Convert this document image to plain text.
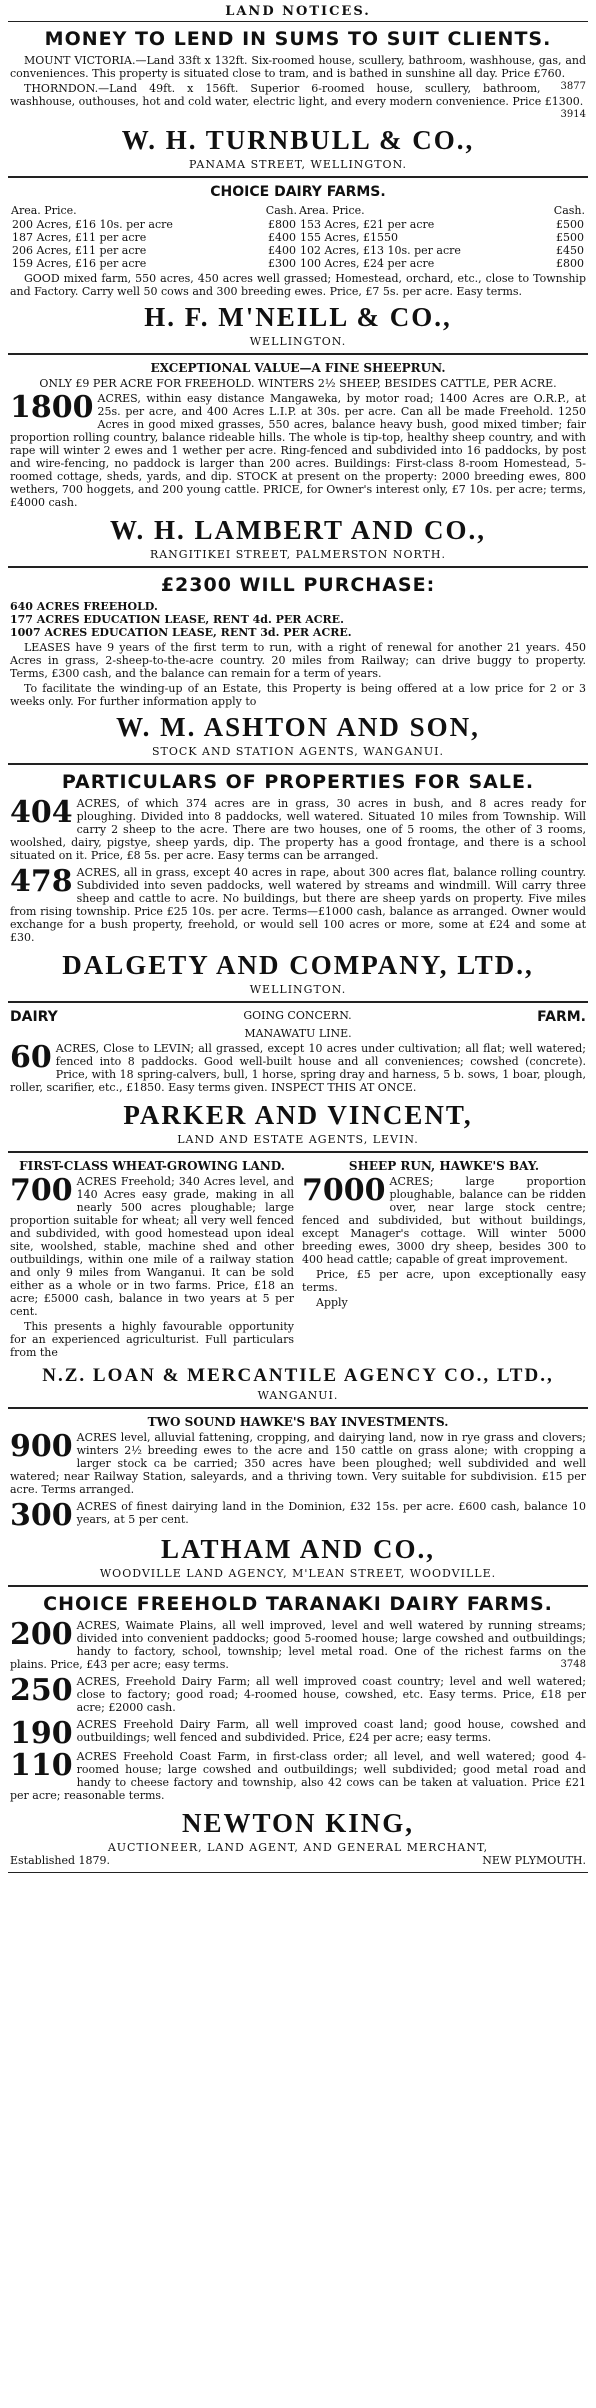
LAND NOTICES.
MONEY TO LEND IN SUMS TO SUIT CLIENTS.

MOUNT VICTORIA.—Land 33ft x 132ft. Six-roomed house, scullery, bathroom, washhouse, gas, and conveniences. This property is situated close to tram, and is bathed in sunshine all day. Price £760.
3877

THORNDON.—Land 49ft. x 156ft. Superior 6-roomed house, scullery, bathroom, washhouse, outhouses, hot and cold water, electric light, and every modern convenience. Price £1300.
3914

W. H. TURNBULL & CO.,
PANAMA STREET, WELLINGTON.
CHOICE DAIRY FARMS.
Area. Price.	Cash.	Area. Price.	Cash.
200 Acres, £16 10s. per acre	£800	153 Acres, £21 per acre	£500
187 Acres, £11 per acre	£400	155 Acres, £1550	£500
206 Acres, £11 per acre	£400	102 Acres, £13 10s. per acre	£450
159 Acres, £16 per acre	£300	100 Acres, £24 per acre	£800

GOOD mixed farm, 550 acres, 450 acres well grassed; Homestead, orchard, etc., close to Township and Factory. Carry well 50 cows and 300 breeding ewes. Price, £7 5s. per acre. Easy terms.

H. F. M'NEILL & CO.,
WELLINGTON.

EXCEPTIONAL VALUE—A FINE SHEEPRUN.

ONLY £9 PER ACRE FOR FREEHOLD. WINTERS 2½ SHEEP, BESIDES CATTLE, PER ACRE.

1800 ACRES, within easy distance Mangaweka, by motor road; 1400 Acres are O.R.P., at 25s. per acre, and 400 Acres L.I.P. at 30s. per acre. Can all be made Freehold. 1250 Acres in good mixed grasses, 550 acres, balance heavy bush, good mixed timber; fair proportion rolling country, balance rideable hills. The whole is tip-top, healthy sheep country, and with rape will winter 2 ewes and 1 wether per acre. Ring-fenced and subdivided into 16 paddocks, by post and wire-fencing, no paddock is larger than 200 acres. Buildings: First-class 8-room Homestead, 5-roomed cottage, sheds, yards, and dip. STOCK at present on the property: 2000 breeding ewes, 800 wethers, 700 hoggets, and 200 young cattle. PRICE, for Owner's interest only, £7 10s. per acre; terms, £4000 cash.

W. H. LAMBERT AND CO.,
RANGITIKEI STREET, PALMERSTON NORTH.
£2300 WILL PURCHASE:
640 ACRES FREEHOLD.
177 ACRES EDUCATION LEASE, RENT 4d. PER ACRE.
1007 ACRES EDUCATION LEASE, RENT 3d. PER ACRE.

LEASES have 9 years of the first term to run, with a right of renewal for another 21 years. 450 Acres in grass, 2-sheep-to-the-acre country. 20 miles from Railway; can drive buggy to property. Terms, £300 cash, and the balance can remain for a term of years.

To facilitate the winding-up of an Estate, this Property is being offered at a low price for 2 or 3 weeks only. For further information apply to

W. M. ASHTON AND SON,
STOCK AND STATION AGENTS, WANGANUI.
PARTICULARS OF PROPERTIES FOR SALE.

404 ACRES, of which 374 acres are in grass, 30 acres in bush, and 8 acres ready for ploughing. Divided into 8 paddocks, well watered. Situated 10 miles from Township. Will carry 2 sheep to the acre. There are two houses, one of 5 rooms, the other of 3 rooms, woolshed, dairy, pigstye, sheep yards, dip. The property has a good frontage, and there is a school situated on it. Price, £8 5s. per acre. Easy terms can be arranged.

478 ACRES, all in grass, except 40 acres in rape, about 300 acres flat, balance rolling country. Subdivided into seven paddocks, well watered by streams and windmill. Will carry three sheep and cattle to acre. No buildings, but there are sheep yards on property. Five miles from rising township. Price £25 10s. per acre. Terms—£1000 cash, balance as arranged. Owner would exchange for a bush property, freehold, or would sell 100 acres or more, some at £24 and some at £30.

DALGETY AND COMPANY, LTD.,
WELLINGTON.
DAIRY	GOING CONCERN.	FARM.

MANAWATU LINE.

60 ACRES, Close to LEVIN; all grassed, except 10 acres under cultivation; all flat; well watered; fenced into 8 paddocks. Good well-built house and all conveniences; cowshed (concrete). Price, with 18 spring-calvers, bull, 1 horse, spring dray and harness, 5 b. sows, 1 boar, plough, roller, scarifier, etc., £1850. Easy terms given. INSPECT THIS AT ONCE.

PARKER AND VINCENT,
LAND AND ESTATE AGENTS, LEVIN.
FIRST-CLASS WHEAT-GROWING LAND.

700 ACRES Freehold; 340 Acres level, and 140 Acres easy grade, making in all nearly 500 acres ploughable; large proportion suitable for wheat; all very well fenced and subdivided, with good homestead upon ideal site, woolshed, stable, machine shed and other outbuildings, within one mile of a railway station and only 9 miles from Wanganui. It can be sold either as a whole or in two farms. Price, £18 an acre; £5000 cash, balance in two years at 5 per cent.

This presents a highly favourable opportunity for an experienced agriculturist. Full particulars from the

SHEEP RUN, HAWKE'S BAY.

7000 ACRES; large proportion ploughable, balance can be ridden over, near large stock centre; fenced and subdivided, but without buildings, except Manager's cottage. Will winter 5000 breeding ewes, 3000 dry sheep, besides 300 to 400 head cattle; capable of great improvement.

Price, £5 per acre, upon exceptionally easy terms.

Apply

N.Z. LOAN & MERCANTILE AGENCY CO., LTD.,
WANGANUI.

TWO SOUND HAWKE'S BAY INVESTMENTS.

900 ACRES level, alluvial fattening, cropping, and dairying land, now in rye grass and clovers; winters 2½ breeding ewes to the acre and 150 cattle on grass alone; with cropping a larger stock ca be carried; 350 acres have been ploughed; well subdivided and well watered; near Railway Station, saleyards, and a thriving town. Very suitable for subdivision. £15 per acre. Terms arranged.

300 ACRES of finest dairying land in the Dominion, £32 15s. per acre. £600 cash, balance 10 years, at 5 per cent.

LATHAM AND CO.,
WOODVILLE LAND AGENCY, M'LEAN STREET, WOODVILLE.
CHOICE FREEHOLD TARANAKI DAIRY FARMS.

200 ACRES, Waimate Plains, all well improved, level and well watered by running streams; divided into convenient paddocks; good 5-roomed house; large cowshed and outbuildings; handy to factory, school, township; level metal road. One of the richest farms on the plains. Price, £43 per acre; easy terms.	3748

250 ACRES, Freehold Dairy Farm; all well improved coast country; level and well watered; close to factory; good road; 4-roomed house, cowshed, etc. Easy terms. Price, £18 per acre; £2000 cash.

190 ACRES Freehold Dairy Farm, all well improved coast land; good house, cowshed and outbuildings; well fenced and subdivided. Price, £24 per acre; easy terms.

110 ACRES Freehold Coast Farm, in first-class order; all level, and well watered; good 4-roomed house; large cowshed and outbuildings; well subdivided; good metal road and handy to cheese factory and township, also 42 cows can be taken at valuation. Price £21 per acre; reasonable terms.

NEWTON KING,
AUCTIONEER, LAND AGENT, AND GENERAL MERCHANT,
Established 1879.	NEW PLYMOUTH.
